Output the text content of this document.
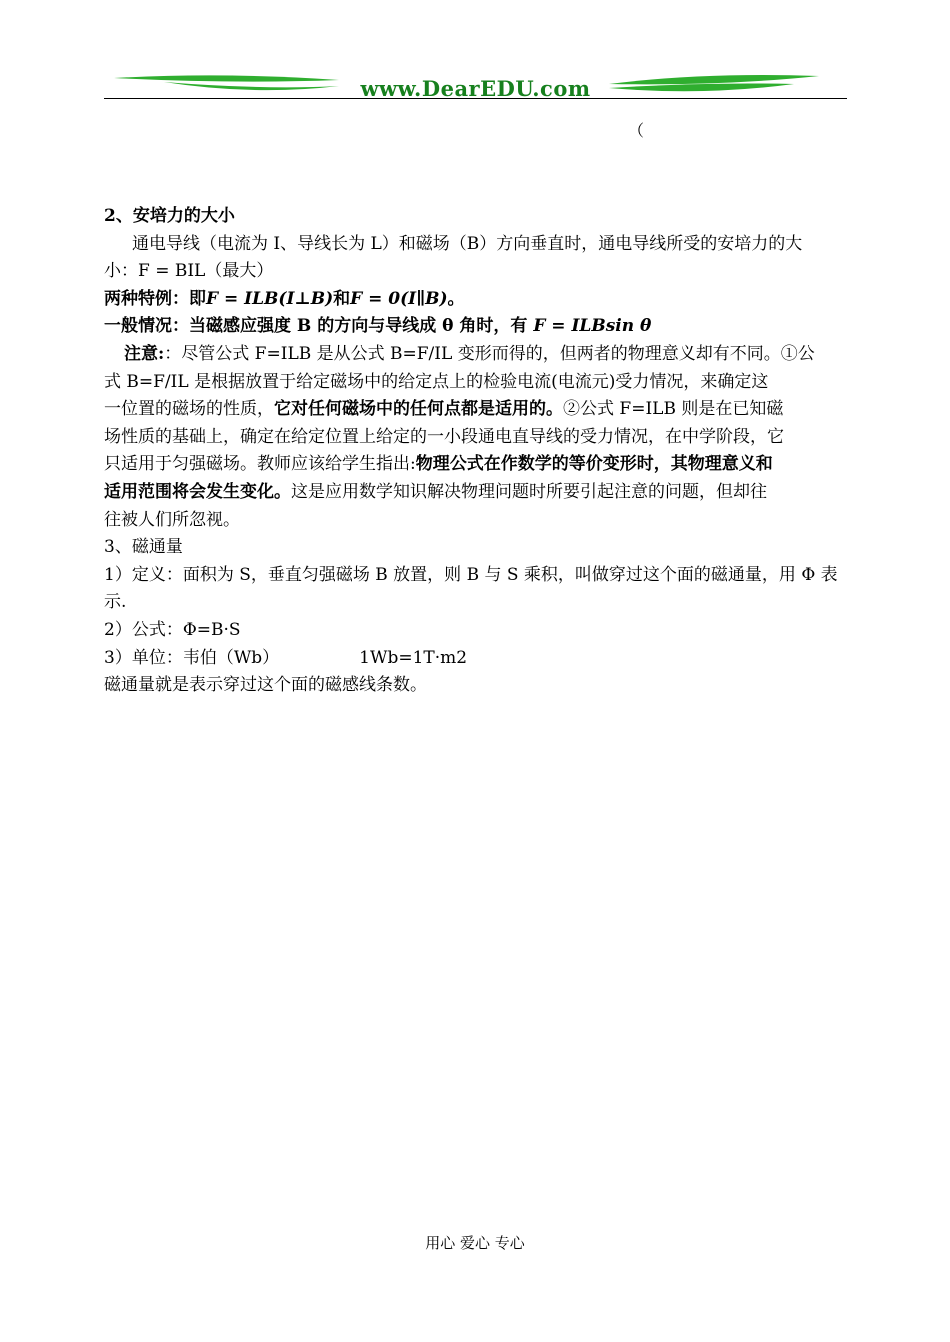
www.DearEDU.com
（
2、安培力的大小
通电导线（电流为 I、导线长为 L）和磁场（B）方向垂直时，通电导线所受的安培力的大
小：F = BIL（最大）
两种特例：即F = ILB(I⊥B)和F = 0(I∥B)。
一般情况：当磁感应强度 B 的方向与导线成 θ 角时，有 F = ILBsin θ
注意:：尽管公式 F=ILB 是从公式 B=F/IL 变形而得的，但两者的物理意义却有不同。①公
式 B=F/IL 是根据放置于给定磁场中的给定点上的检验电流(电流元)受力情况，来确定这
一位置的磁场的性质，它对任何磁场中的任何点都是适用的。②公式 F=ILB 则是在已知磁
场性质的基础上，确定在给定位置上给定的一小段通电直导线的受力情况，在中学阶段，它
只适用于匀强磁场。教师应该给学生指出:物理公式在作数学的等价变形时，其物理意义和
适用范围将会发生变化。这是应用数学知识解决物理问题时所要引起注意的问题，但却往
往被人们所忽视。
3、磁通量
1）定义：面积为 S，垂直匀强磁场 B 放置，则 B 与 S 乘积，叫做穿过这个面的磁通量，用 Φ 表
示.
2）公式：Φ=B·S
3）单位：韦伯（Wb）	1Wb=1T·m2
磁通量就是表示穿过这个面的磁感线条数。
用心 爱心 专心
